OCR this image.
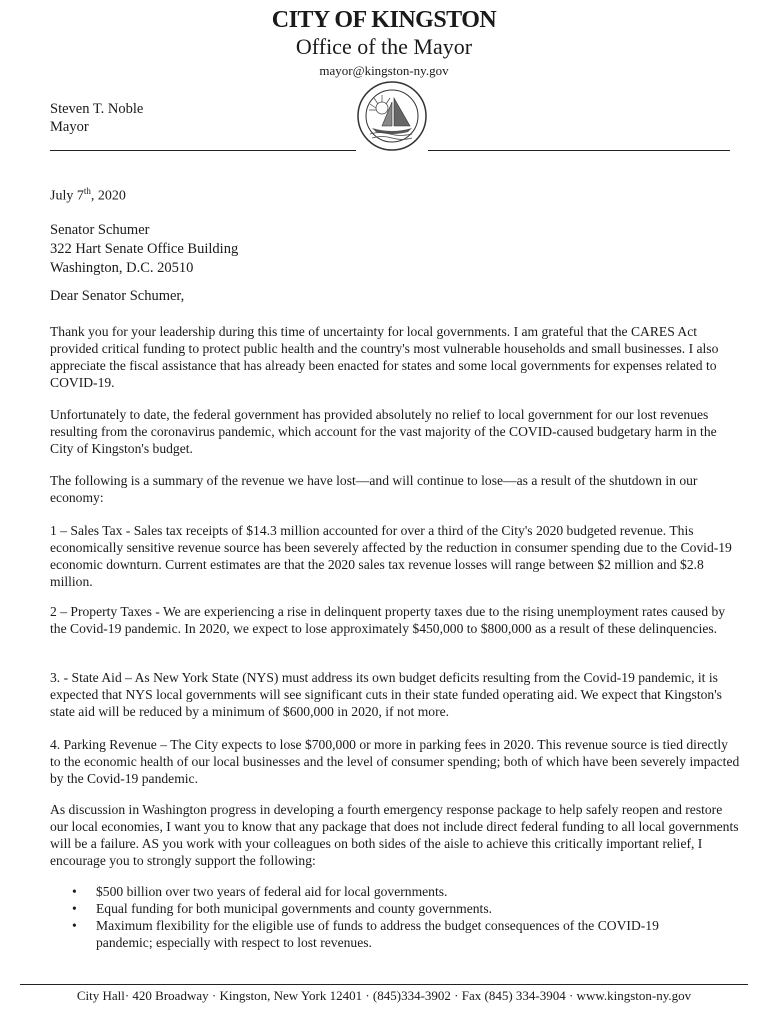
CITY OF KINGSTON
Office of the Mayor
mayor@kingston-ny.gov
Steven T. Noble
Mayor
July 7th, 2020
Senator Schumer
322 Hart Senate Office Building
Washington, D.C. 20510
Dear Senator Schumer,

Thank you for your leadership during this time of uncertainty for local governments. I am grateful that the CARES Act provided critical funding to protect public health and the country's most vulnerable households and small businesses. I also appreciate the fiscal assistance that has already been enacted for states and some local governments for expenses related to COVID-19.

Unfortunately to date, the federal government has provided absolutely no relief to local government for our lost revenues resulting from the coronavirus pandemic, which account for the vast majority of the COVID-caused budgetary harm in the City of Kingston's budget.

The following is a summary of the revenue we have lost—and will continue to lose—as a result of the shutdown in our economy:

1 – Sales Tax - Sales tax receipts of $14.3 million accounted for over a third of the City's 2020 budgeted revenue. This economically sensitive revenue source has been severely affected by the reduction in consumer spending due to the Covid-19 economic downturn. Current estimates are that the 2020 sales tax revenue losses will range between $2 million and $2.8 million.

2 – Property Taxes - We are experiencing a rise in delinquent property taxes due to the rising unemployment rates caused by the Covid-19 pandemic. In 2020, we expect to lose approximately $450,000 to $800,000 as a result of these delinquencies.

3. - State Aid – As New York State (NYS) must address its own budget deficits resulting from the Covid-19 pandemic, it is expected that NYS local governments will see significant cuts in their state funded operating aid. We expect that Kingston's state aid will be reduced by a minimum of $600,000 in 2020, if not more.

4. Parking Revenue – The City expects to lose $700,000 or more in parking fees in 2020. This revenue source is tied directly to the economic health of our local businesses and the level of consumer spending; both of which have been severely impacted by the Covid-19 pandemic.

As discussion in Washington progress in developing a fourth emergency response package to help safely reopen and restore our local economies, I want you to know that any package that does not include direct federal funding to all local governments will be a failure. AS you work with your colleagues on both sides of the aisle to achieve this critically important relief, I encourage you to strongly support the following:

• $500 billion over two years of federal aid for local governments.
• Equal funding for both municipal governments and county governments.
• Maximum flexibility for the eligible use of funds to address the budget consequences of the COVID-19 pandemic; especially with respect to lost revenues.
City Hall· 420 Broadway · Kingston, New York 12401 · (845)334-3902 · Fax (845) 334-3904 · www.kingston-ny.gov
